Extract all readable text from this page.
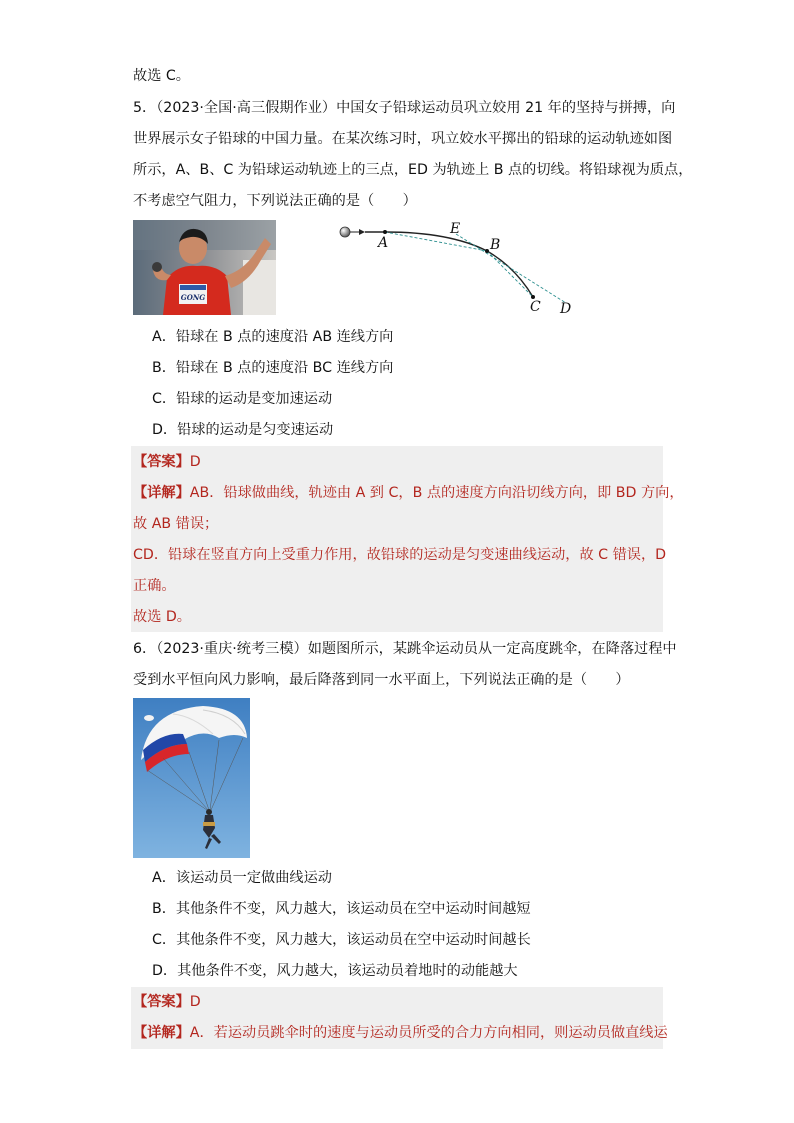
故选 C。
5．（2023·全国·高三假期作业）中国女子铅球运动员巩立姣用 21 年的坚持与拼搏，向
世界展示女子铅球的中国力量。在某次练习时，巩立姣水平掷出的铅球的运动轨迹如图
所示，A、B、C 为铅球运动轨迹上的三点，ED 为轨迹上 B 点的切线。将铅球视为质点，
不考虑空气阻力，下列说法正确的是（　　）
GONG
A	B
C D
E
A．铅球在 B 点的速度沿 AB 连线方向
B．铅球在 B 点的速度沿 BC 连线方向
C．铅球的运动是变加速运动
D．铅球的运动是匀变速运动
【答案】D
【详解】AB．铅球做曲线，轨迹由 A 到 C，B 点的速度方向沿切线方向，即 BD 方向，
故 AB 错误；
CD．铅球在竖直方向上受重力作用，故铅球的运动是匀变速曲线运动，故 C 错误，D
正确。
故选 D。
6．（2023·重庆·统考三模）如题图所示，某跳伞运动员从一定高度跳伞，在降落过程中
受到水平恒向风力影响，最后降落到同一水平面上，下列说法正确的是（　　）
A．该运动员一定做曲线运动
B．其他条件不变，风力越大，该运动员在空中运动时间越短
C．其他条件不变，风力越大，该运动员在空中运动时间越长
D．其他条件不变，风力越大，该运动员着地时的动能越大
【答案】D
【详解】A．若运动员跳伞时的速度与运动员所受的合力方向相同，则运动员做直线运
